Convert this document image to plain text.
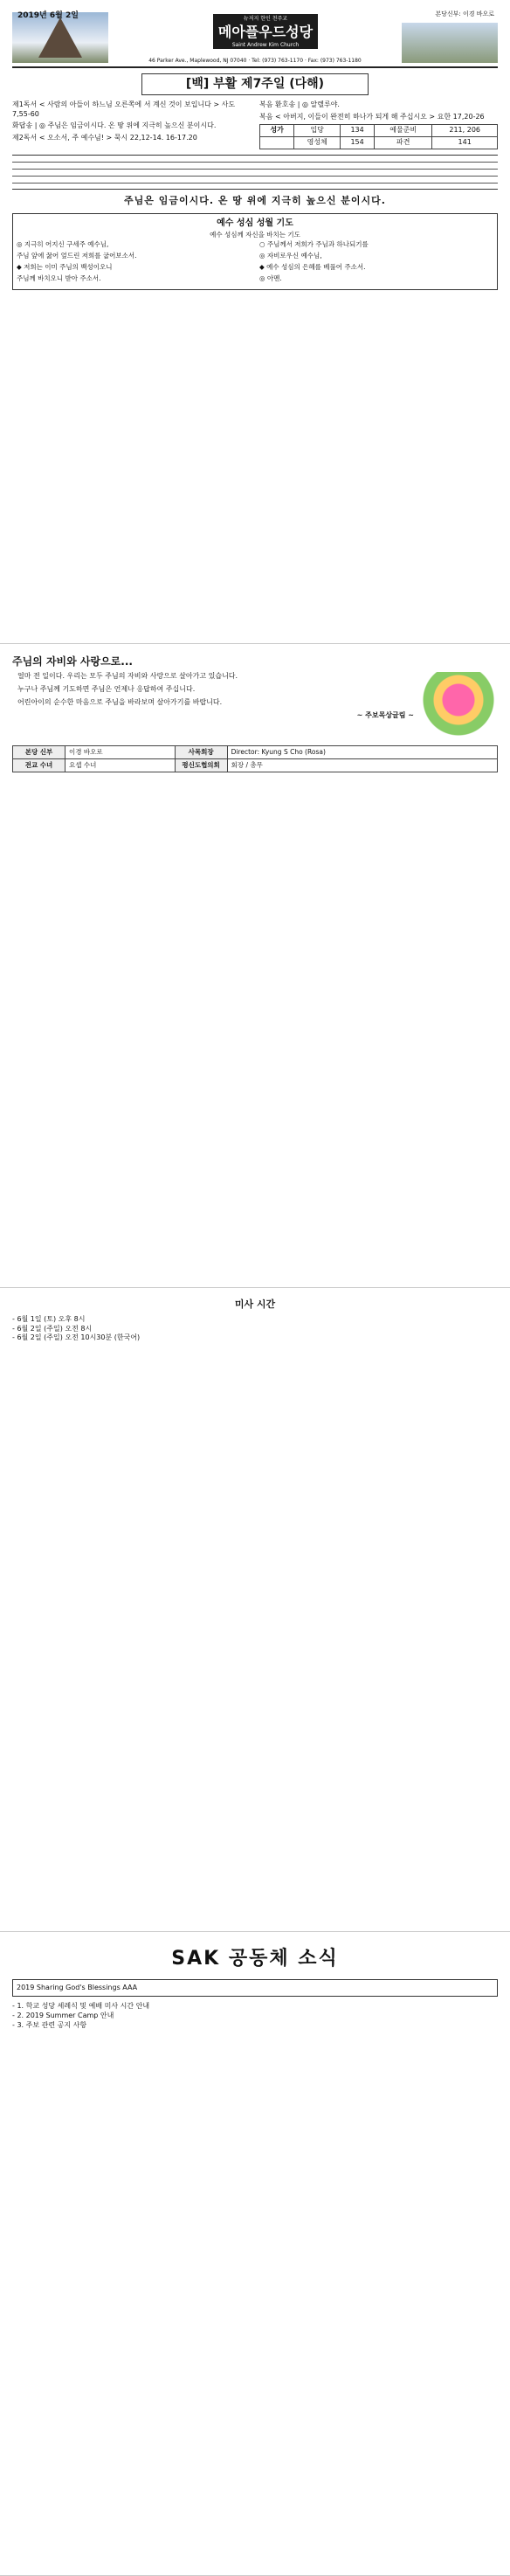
2019년 6월 2일	뉴저지 한인 천주교
메아플우드성당
Saint Andrew Kim Church
본당신부: 이경 바오로
46 Parker Ave., Maplewood, NJ 07040 · Tel: (973) 763-1170 · Fax: (973) 763-1180
[백] 부활 제7주일 (다해)

제1독서 < 사람의 아들이 하느님 오른쪽에 서 계신 것이 보입니다 > 사도 7,55-60

화답송 | ◎ 주님은 임금이시다. 온 땅 위에 지극히 높으신 분이시다.

제2독서 < 오소서, 주 예수님! > 묵시 22,12-14. 16-17.20

복음 환호송 | ◎ 알렐루야.

복음 < 아버지, 이들이 완전히 하나가 되게 해 주십시오 > 요한 17,20-26

성가	입당	134	예물준비	211, 206
	영성체	154	파견	141
주님은 임금이시다. 온 땅 위에 지극히 높으신 분이시다.
예수 성심 성월 기도

예수 성심께 자신을 바치는 기도

◎ 지극히 어지신 구세주 예수님,

주님 앞에 꿇어 엎드린 저희를 굽어보소서.

◆ 저희는 이미 주님의 백성이오니

주님께 바치오니 받아 주소서.

○ 주님께서 저희가 주님과 하나되기를

◎ 자비로우신 예수님,

◆ 예수 성심의 은혜를 베풀어 주소서.

◎ 아멘.

주님의 자비와 사랑으로...

얼마 전 일이다. 우리는 모두 주님의 자비와 사랑으로 살아가고 있습니다.

누구나 주님께 기도하면 주님은 언제나 응답하여 주십니다.

어린아이의 순수한 마음으로 주님을 바라보며 살아가기를 바랍니다.

~ 주보목상글림 ~

본당 신부	이경 바오로	사목회장	Director: Kyung S Cho (Rosa)
전교 수녀	요셉 수녀	평신도협의회	회장 / 총무
미사 시간
- 6월 1일 (토) 오후 8시
- 6월 2일 (주일) 오전 8시
- 6월 2일 (주일) 오전 10시30분 (한국어)
SAK 공동체 소식
2019 Sharing God's Blessings AAA
- 1. 학교 성당 세례식 및 예배 미사 시간 안내
- 2. 2019 Summer Camp 안내
- 3. 주보 관련 공지 사항
